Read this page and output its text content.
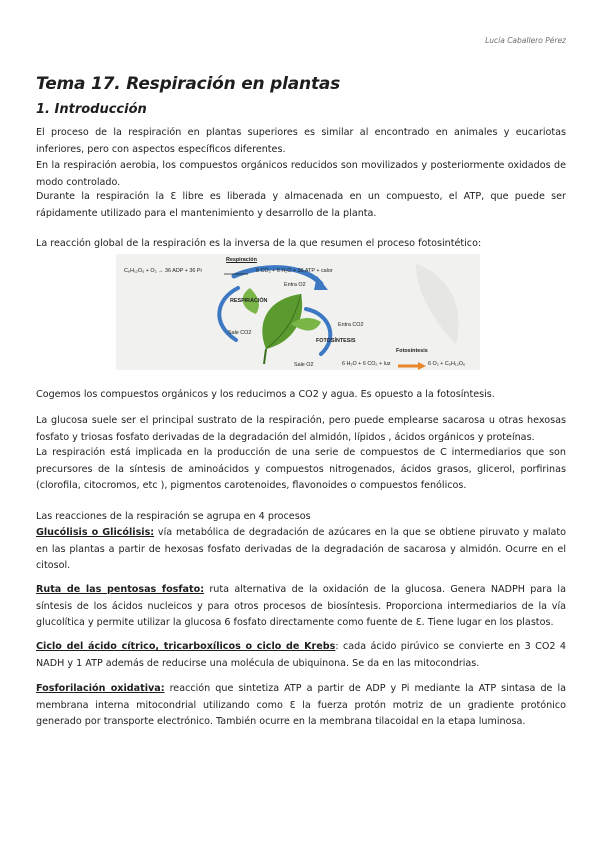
Lucía Caballero Pérez
Tema 17. Respiración en plantas
1. Introducción
El proceso de la respiración en plantas superiores es similar al encontrado en animales y eucariotas inferiores, pero con aspectos específicos diferentes.
En la respiración aerobia, los compuestos orgánicos reducidos son movilizados y posteriormente oxidados de modo controlado.
Durante la respiración la Ɛ libre es liberada y almacenada en un compuesto, el ATP, que puede ser rápidamente utilizado para el mantenimiento y desarrollo de la planta.
La reacción global de la respiración es la inversa de la que resumen el proceso fotosintético:
Respiración
C₆H₁₂O₆ + O₂ → 36 ADP + 36 Pi	6 CO₂ + 6 H₂O + 36 ATP + calor
Entra O2
RESPIRACIÓN
Sale CO2
Entra CO2
FOTOSÍNTESIS
Fotosíntesis
6 H₂O + 6 CO₂ + luz	6 O₂ + C₆H₁₂O₆
Sale O2
Cogemos los compuestos orgánicos y los reducimos a CO2 y agua. Es opuesto a la fotosíntesis.
La glucosa suele ser el principal sustrato de la respiración, pero puede emplearse sacarosa u otras hexosas fosfato y triosas fosfato derivadas de la degradación del almidón, lípidos , ácidos orgánicos y proteínas.
La respiración está implicada en la producción de una serie de compuestos de C intermediarios que son precursores de la síntesis de aminoácidos y compuestos nitrogenados, ácidos grasos, glicerol, porfirinas (clorofila, citocromos, etc ), pigmentos carotenoides, flavonoides o compuestos fenólicos.
Las reacciones de la respiración se agrupa en 4 procesos
Glucólisis o Glicólisis: vía metabólica de degradación de azúcares en la que se obtiene piruvato y malato en las plantas a partir de hexosas fosfato derivadas de la degradación de sacarosa y almidón. Ocurre en el citosol.
Ruta de las pentosas fosfato: ruta alternativa de la oxidación de la glucosa. Genera NADPH para la síntesis de los ácidos nucleicos y para otros procesos de biosíntesis. Proporciona intermediarios de la vía glucolítica y permite utilizar la glucosa 6 fosfato directamente como fuente de Ɛ. Tiene lugar en los plastos.
Ciclo del ácido cítrico, tricarboxílicos o ciclo de Krebs: cada ácido pirúvico se convierte en 3 CO2 4 NADH y 1 ATP además de reducirse una molécula de ubiquinona. Se da en las mitocondrias.
Fosforilación oxidativa: reacción que sintetiza ATP a partir de ADP y Pi mediante la ATP sintasa de la membrana interna mitocondrial utilizando como Ɛ la fuerza protón motriz de un gradiente protónico generado por transporte electrónico. También ocurre en la membrana tilacoidal en la etapa luminosa.
